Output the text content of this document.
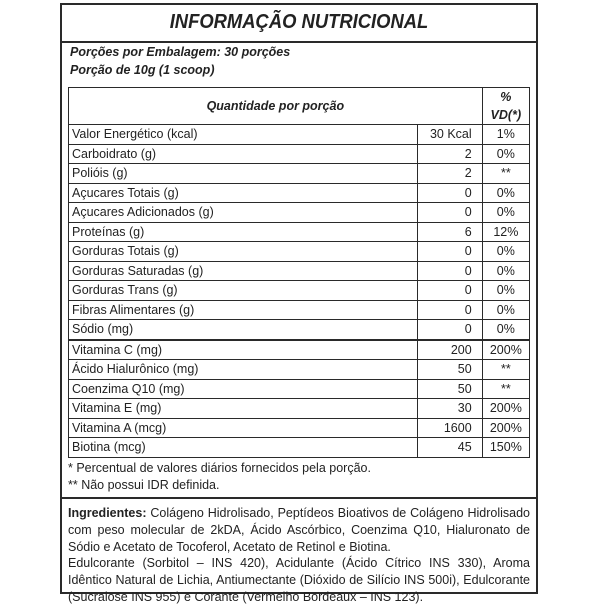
INFORMAÇÃO NUTRICIONAL
Porções por Embalagem: 30 porções
Porção de 10g (1 scoop)
Quantidade por porção		% VD(*)
Valor Energético (kcal)	30 Kcal	1%
Carboidrato (g)	2	0%
Polióis (g)	2	**
Açucares Totais (g)	0	0%
Açucares Adicionados (g)	0	0%
Proteínas (g)	6	12%
Gorduras Totais (g)	0	0%
Gorduras Saturadas (g)	0	0%
Gorduras Trans (g)	0	0%
Fibras Alimentares (g)	0	0%
Sódio (mg)	0	0%
Vitamina C (mg)	200	200%
Ácido Hialurônico (mg)	50	**
Coenzima Q10 (mg)	50	**
Vitamina E (mg)	30	200%
Vitamina A (mcg)	1600	200%
Biotina (mcg)	45	150%
* Percentual de valores diários fornecidos pela porção.
** Não possui IDR definida.
Ingredientes: Colágeno Hidrolisado, Peptídeos Bioativos de Colágeno Hidrolisado com peso molecular de 2kDA, Ácido Ascórbico, Coenzima Q10, Hialuronato de Sódio e Acetato de Tocoferol, Acetato de Retinol e Biotina.
Edulcorante (Sorbitol – INS 420), Acidulante (Ácido Cítrico INS 330), Aroma Idêntico Natural de Lichia, Antiumectante (Dióxido de Silício INS 500i), Edulcorante (Sucralose INS 955) e Corante (Vermelho Bordeaux – INS 123).
